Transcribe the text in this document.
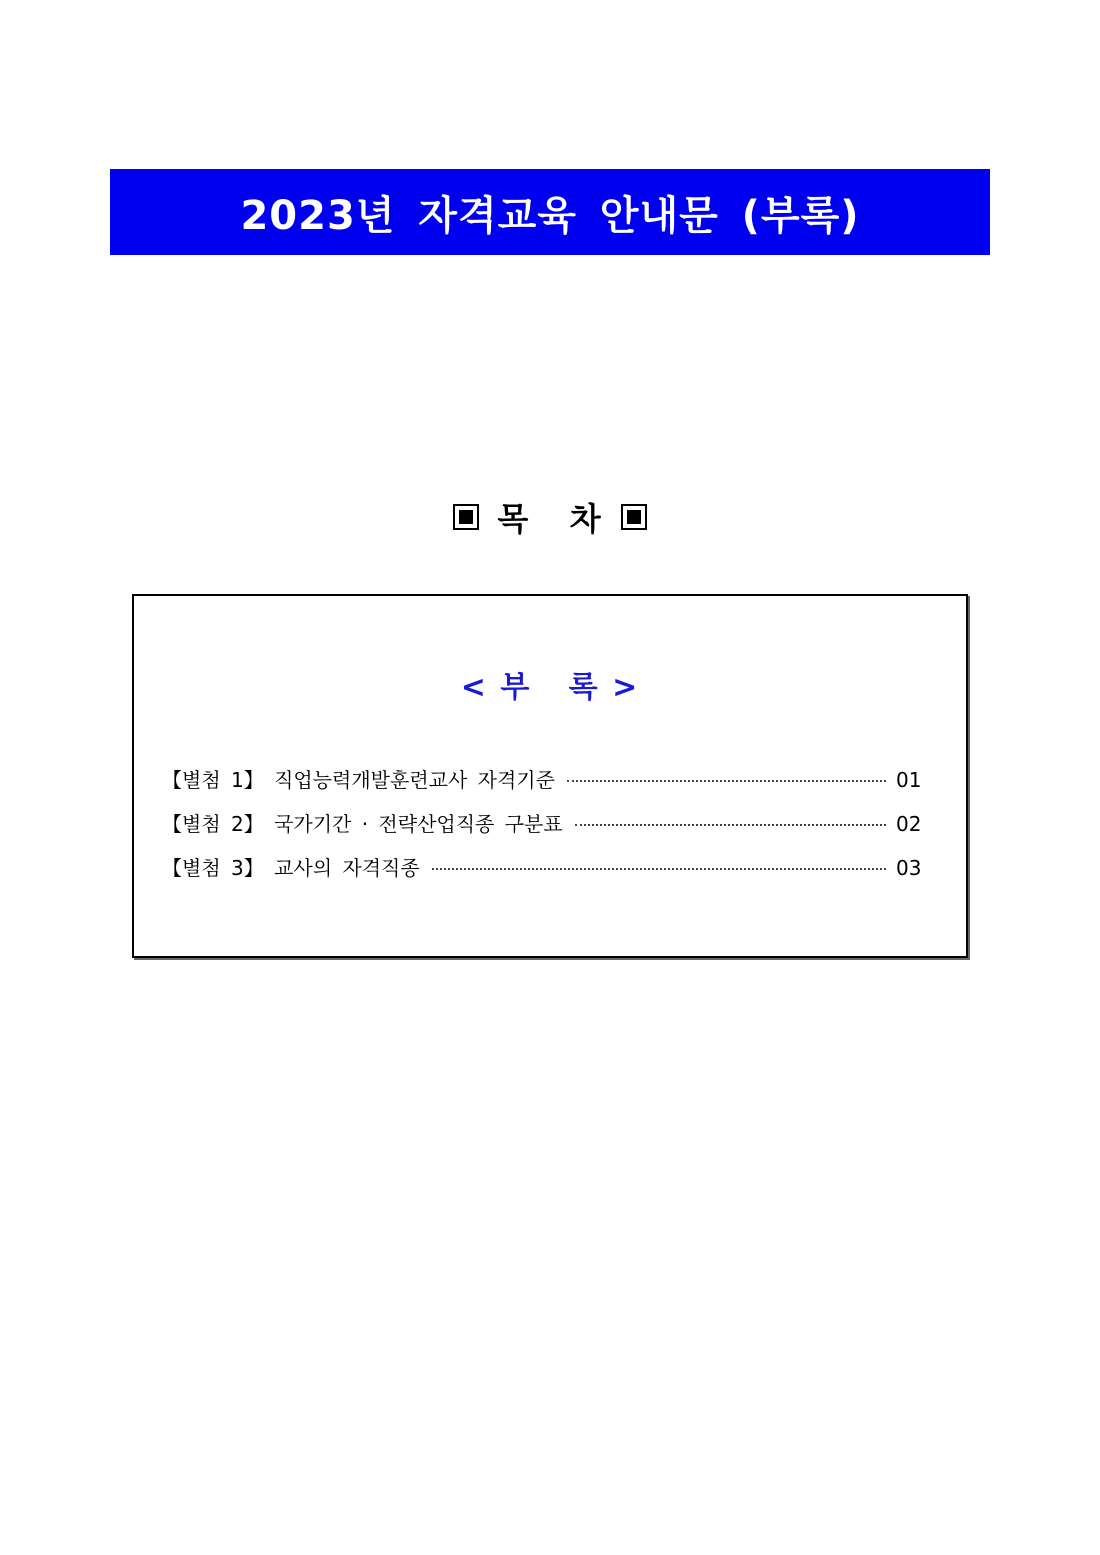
2023년 자격교육 안내문 (부록)
목   차
< 부   록 >
【별첨 1】 직업능력개발훈련교사 자격기준	01
【별첨 2】 국가기간 · 전략산업직종 구분표	02
【별첨 3】 교사의 자격직종	03
